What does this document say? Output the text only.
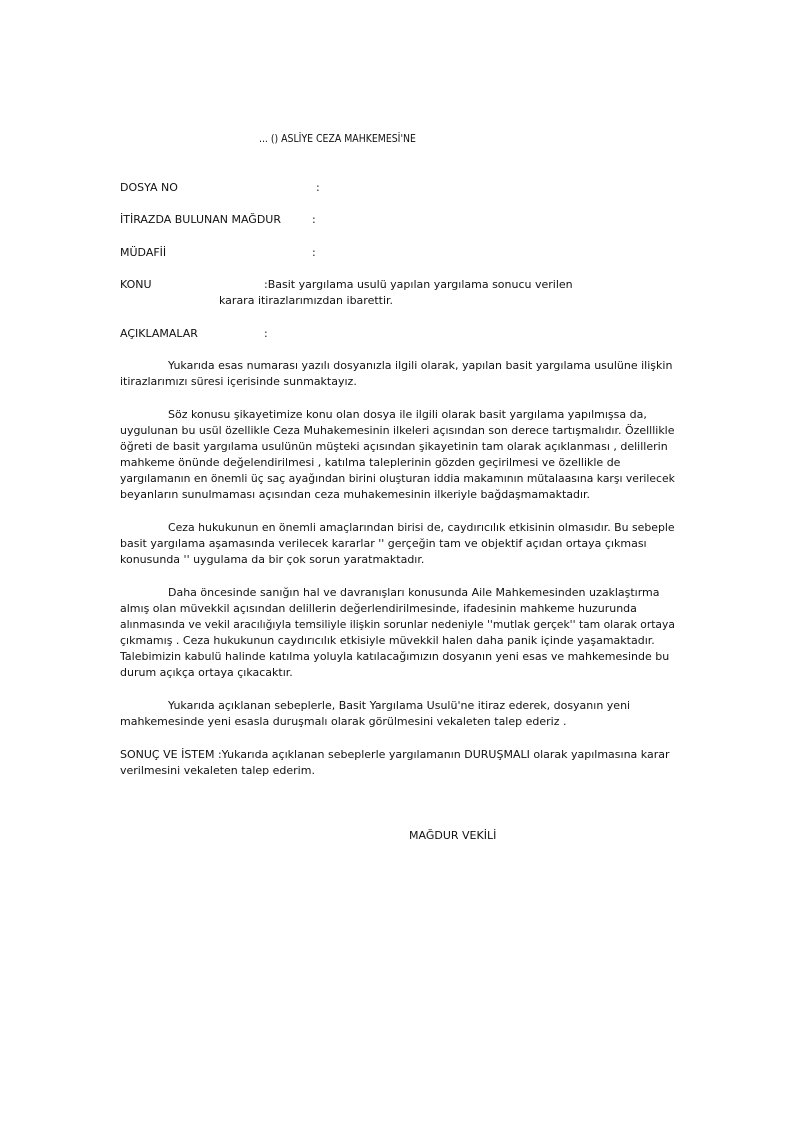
... () ASLİYE CEZA MAHKEMESİ'NE
DOSYA NO	:
İTİRAZDA BULUNAN MAĞDUR	:
MÜDAFİİ	:
KONU	:Basit yargılama usulü yapılan yargılama sonucu verilen
karara itirazlarımızdan ibarettir.
AÇIKLAMALAR	:
Yukarıda esas numarası yazılı dosyanızla ilgili olarak, yapılan basit yargılama usulüne ilişkin
itirazlarımızı süresi içerisinde sunmaktayız.
Söz konusu şikayetimize konu olan dosya ile ilgili olarak basit yargılama yapılmışsa da,
uygulunan bu usül özellikle Ceza Muhakemesinin ilkeleri açısından son derece tartışmalıdır. Özelllikle
öğreti de basit yargılama usulünün müşteki açısından şikayetinin tam olarak açıklanması , delillerin
mahkeme önünde değelendirilmesi , katılma taleplerinin gözden geçirilmesi ve özellikle de
yargılamanın en önemli üç saç ayağından birini oluşturan iddia makamının mütalaasına karşı verilecek
beyanların sunulmaması açısından ceza muhakemesinin ilkeriyle bağdaşmamaktadır.
Ceza hukukunun en önemli amaçlarından birisi de, caydırıcılık etkisinin olmasıdır. Bu sebeple
basit yargılama aşamasında verilecek kararlar '' gerçeğin tam ve objektif açıdan ortaya çıkması
konusunda '' uygulama da bir çok sorun yaratmaktadır.
Daha öncesinde sanığın hal ve davranışları konusunda Aile Mahkemesinden uzaklaştırma
almış olan müvekkil açısından delillerin değerlendirilmesinde, ifadesinin mahkeme huzurunda
alınmasında ve vekil aracılığıyla temsiliyle ilişkin sorunlar nedeniyle ''mutlak gerçek'' tam olarak ortaya
çıkmamış . Ceza hukukunun caydırıcılık etkisiyle müvekkil halen daha panik içinde yaşamaktadır.
Talebimizin kabulü halinde katılma yoluyla katılacağımızın dosyanın yeni esas ve mahkemesinde bu
durum açıkça ortaya çıkacaktır.
Yukarıda açıklanan sebeplerle, Basit Yargılama Usulü'ne itiraz ederek, dosyanın yeni
mahkemesinde yeni esasla duruşmalı olarak görülmesini vekaleten talep ederiz .
SONUÇ VE İSTEM :Yukarıda açıklanan sebeplerle yargılamanın DURUŞMALI olarak yapılmasına karar
verilmesini vekaleten talep ederim.
MAĞDUR VEKİLİ
